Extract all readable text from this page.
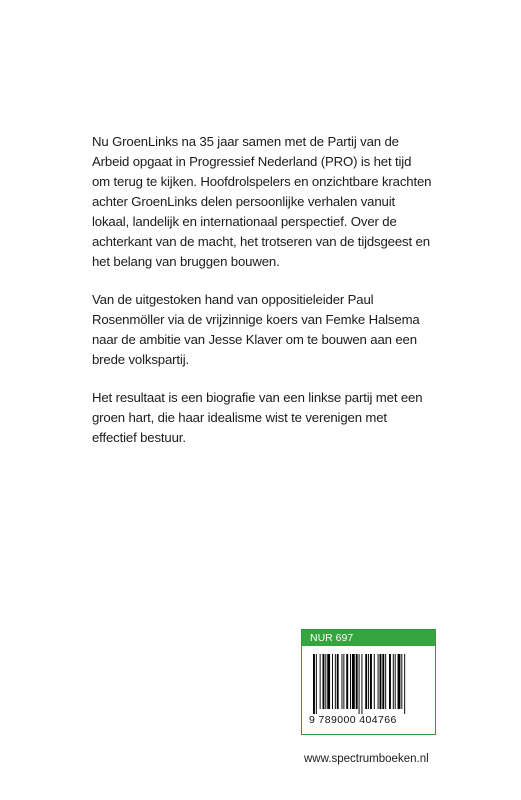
Nu GroenLinks na 35 jaar samen met de Partij van de Arbeid opgaat in Progressief Nederland (PRO) is het tijd om terug te kijken. Hoofdrolspelers en onzichtbare krachten achter GroenLinks delen persoonlijke verhalen vanuit lokaal, landelijk en internationaal perspectief. Over de achterkant van de macht, het trotseren van de tijdsgeest en het belang van bruggen bouwen.

Van de uitgestoken hand van oppositieleider Paul Rosenmöller via de vrijzinnige koers van Femke Halsema naar de ambitie van Jesse Klaver om te bouwen aan een brede volkspartij.

Het resultaat is een biografie van een linkse partij met een groen hart, die haar idealisme wist te verenigen met effectief bestuur.

NUR 697
9 789000 404766
www.spectrumboeken.nl
